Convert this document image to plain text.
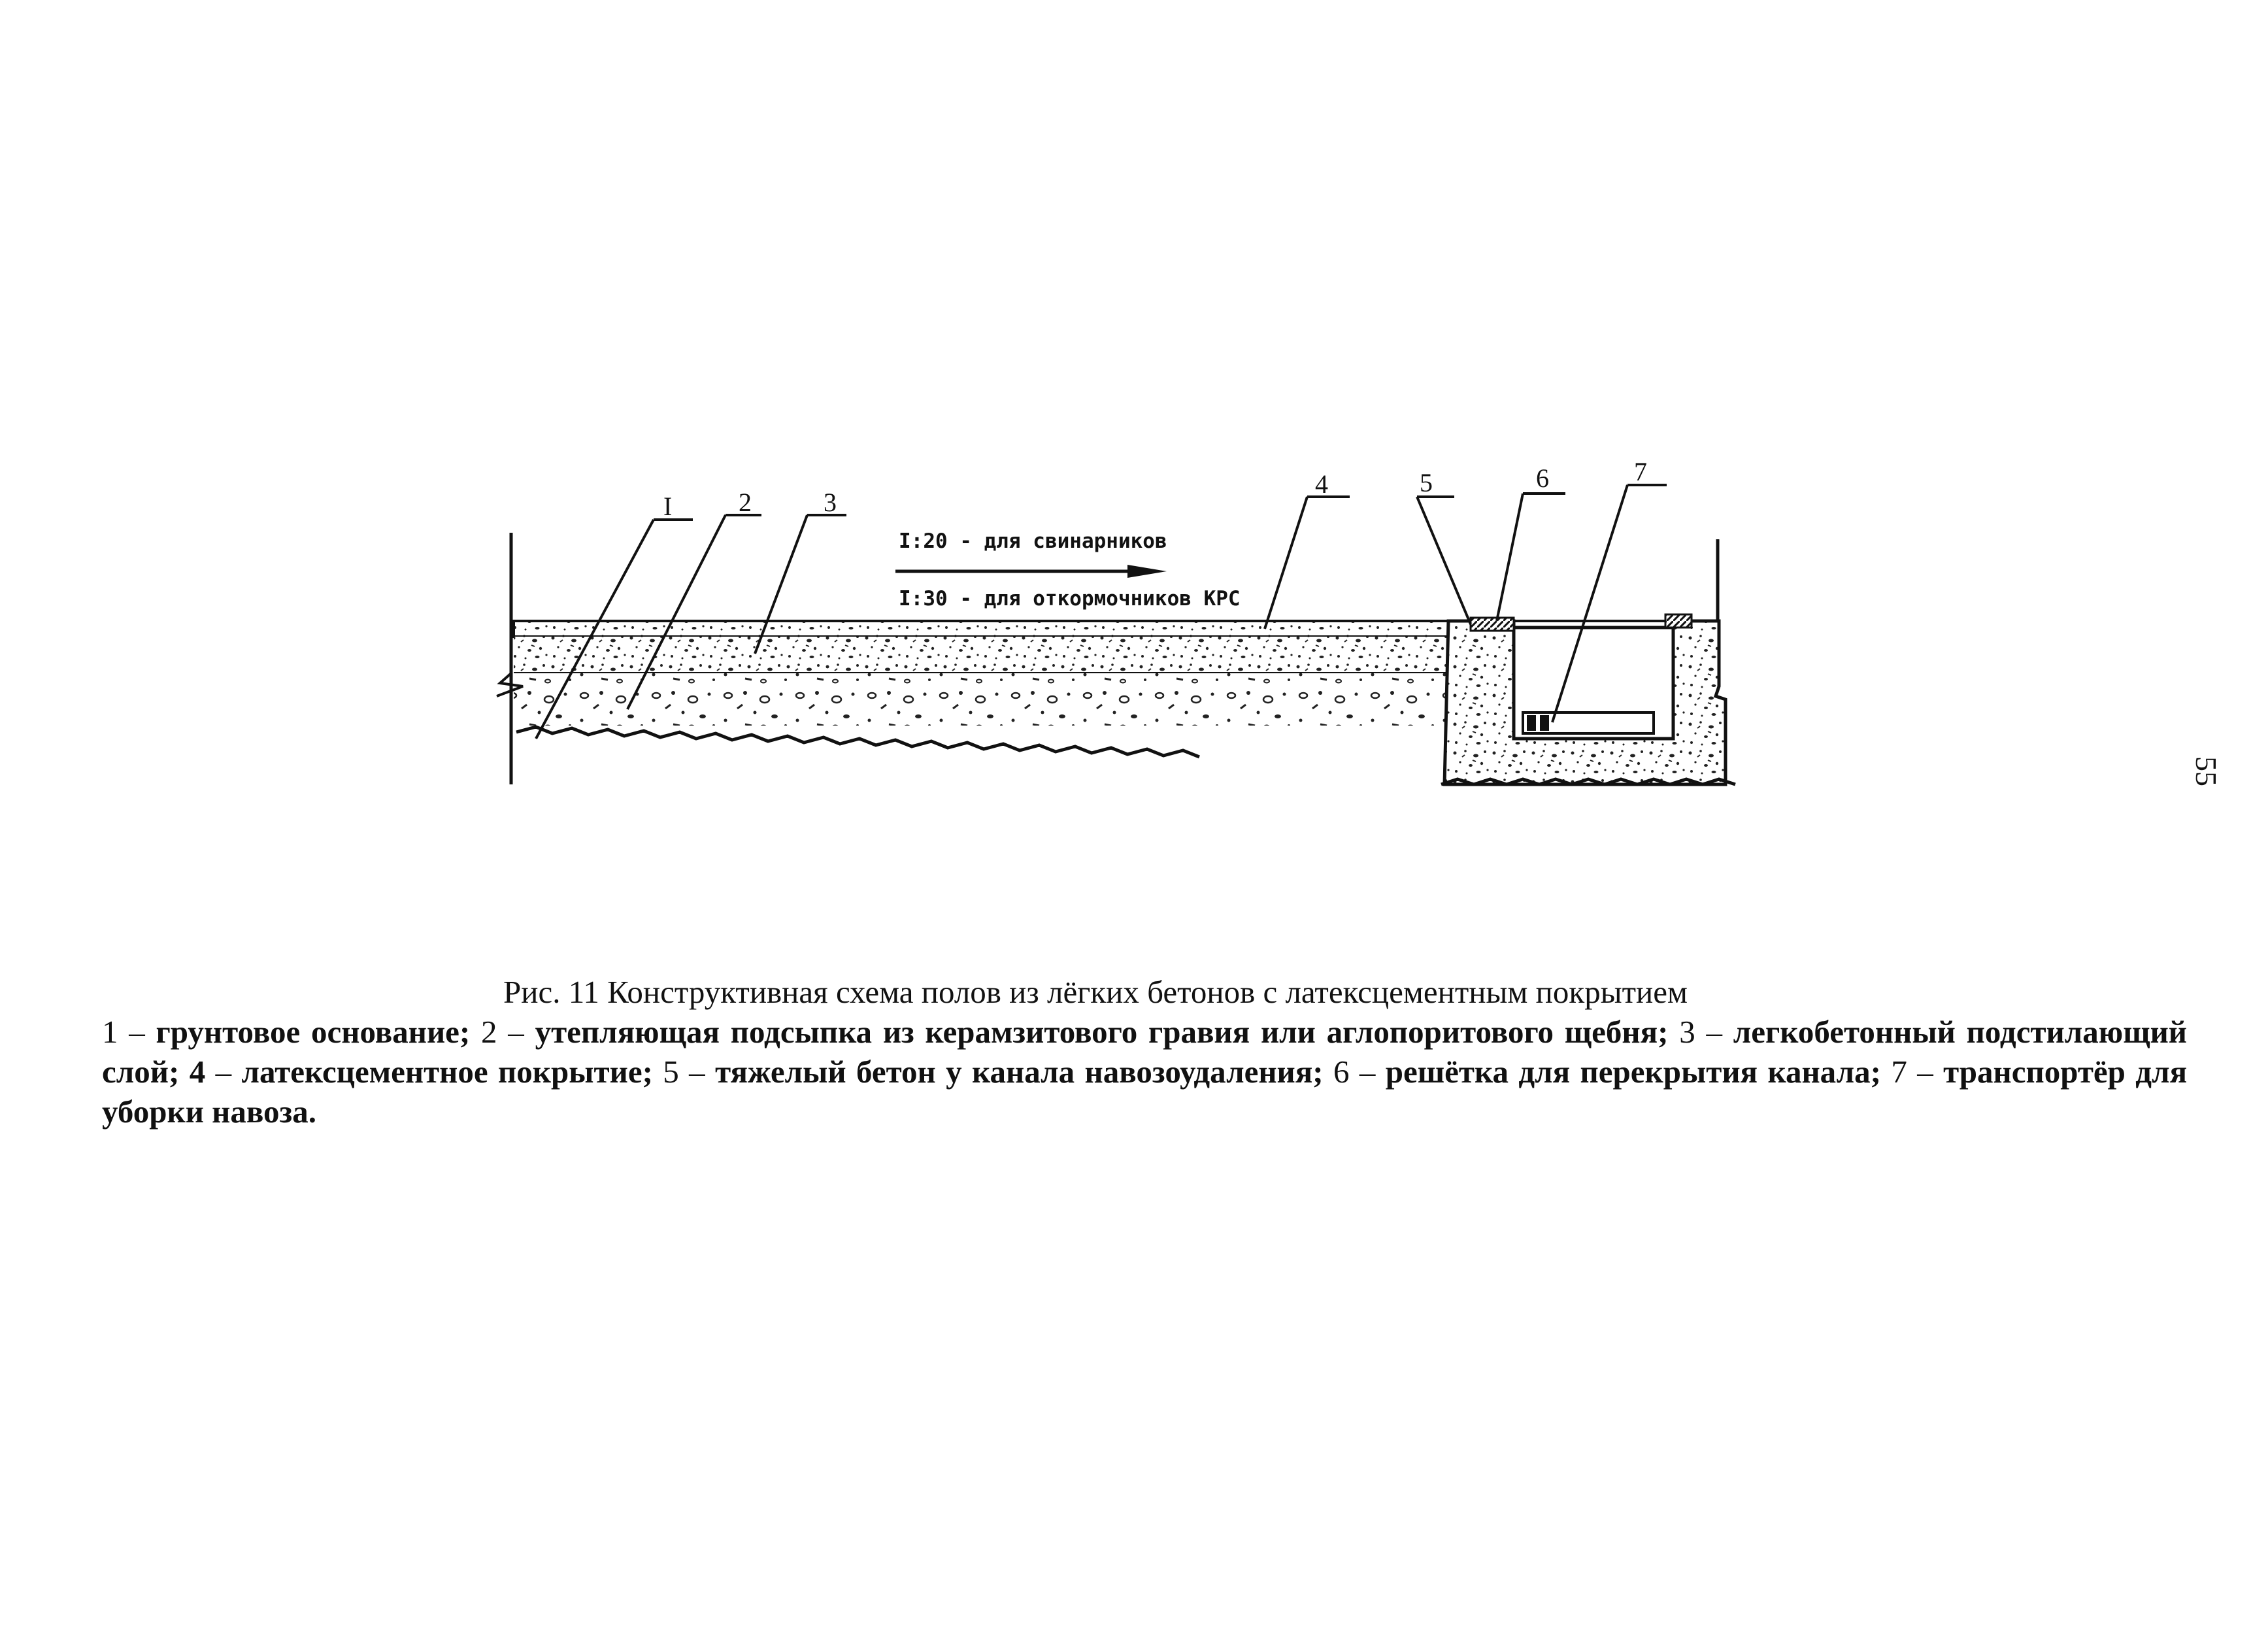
I:20 - для свинарников
I:30 - для откормочников КРС
I	2	3
4	5	6	7
Рис. 11 Конструктивная схема полов из лёгких бетонов с латексцементным покрытием
1 – грунтовое основание; 2 – утепляющая подсыпка из керамзитового гравия или аглопоритового щебня; 3 – легкобетонный подстилающий слой; 4 – латексцементное покрытие; 5 – тяжелый бетон у канала навозоудаления; 6 – решётка для перекрытия канала; 7 – транспортёр для уборки навоза.
55
